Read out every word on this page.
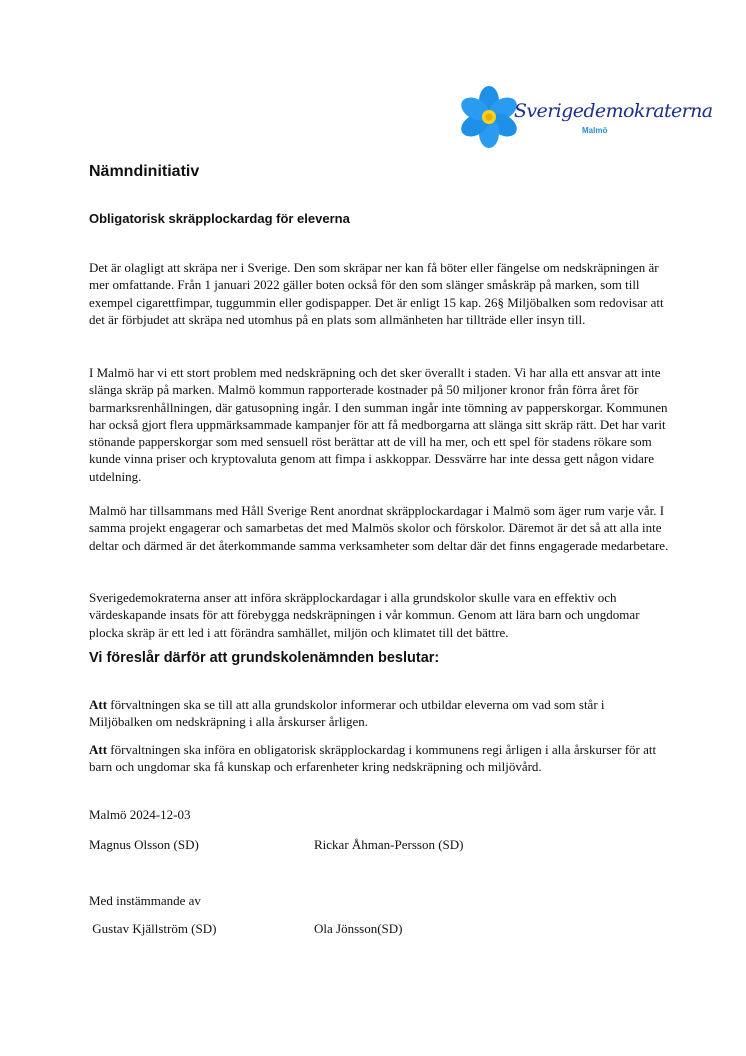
Sverigedemokraterna
Malmö
Nämndinitiativ
Obligatorisk skräpplockardag för eleverna

Det är olagligt att skräpa ner i Sverige. Den som skräpar ner kan få böter eller fängelse om nedskräpningen är mer omfattande. Från 1 januari 2022 gäller boten också för den som slänger småskräp på marken, som till exempel cigarettfimpar, tuggummin eller godispapper. Det är enligt 15 kap. 26§ Miljöbalken som redovisar att det är förbjudet att skräpa ned utomhus på en plats som allmänheten har tillträde eller insyn till.

I Malmö har vi ett stort problem med nedskräpning och det sker överallt i staden. Vi har alla ett ansvar att inte slänga skräp på marken. Malmö kommun rapporterade kostnader på 50 miljoner kronor från förra året för barmarksrenhållningen, där gatusopning ingår. I den summan ingår inte tömning av papperskorgar. Kommunen har också gjort flera uppmärksammade kampanjer för att få medborgarna att slänga sitt skräp rätt. Det har varit stönande papperskorgar som med sensuell röst berättar att de vill ha mer, och ett spel för stadens rökare som kunde vinna priser och kryptovaluta genom att fimpa i askkoppar. Dessvärre har inte dessa gett någon vidare utdelning.

Malmö har tillsammans med Håll Sverige Rent anordnat skräpplockardagar i Malmö som äger rum varje vår. I samma projekt engagerar och samarbetas det med Malmös skolor och förskolor. Däremot är det så att alla inte deltar och därmed är det återkommande samma verksamheter som deltar där det finns engagerade medarbetare.

Sverigedemokraterna anser att införa skräpplockardagar i alla grundskolor skulle vara en effektiv och värdeskapande insats för att förebygga nedskräpningen i vår kommun. Genom att lära barn och ungdomar plocka skräp är ett led i att förändra samhället, miljön och klimatet till det bättre.

Vi föreslår därför att grundskolenämnden beslutar:

Att förvaltningen ska se till att alla grundskolor informerar och utbildar eleverna om vad som står i Miljöbalken om nedskräpning i alla årskurser årligen.

Att förvaltningen ska införa en obligatorisk skräpplockardag i kommunens regi årligen i alla årskurser för att barn och ungdomar ska få kunskap och erfarenheter kring nedskräpning och miljövård.

Malmö 2024-12-03

Magnus Olsson (SD)	Rickar Åhman-Persson (SD)

Med instämmande av

Gustav Kjällström (SD)	Ola Jönsson(SD)
